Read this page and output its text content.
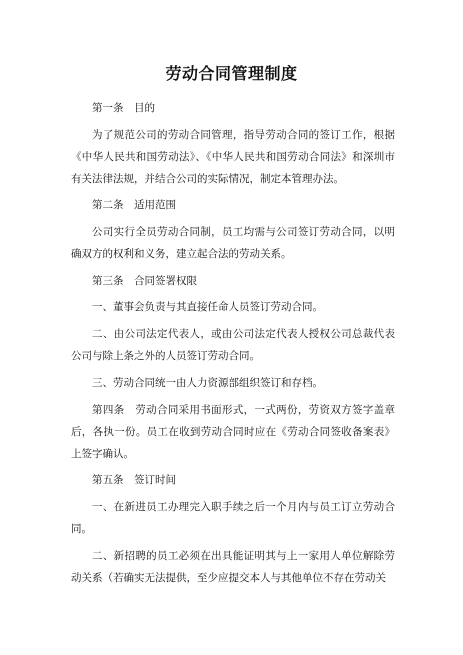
劳动合同管理制度

第一条　目的

为了规范公司的劳动合同管理，指导劳动合同的签订工作，根据《中华人民共和国劳动法》、《中华人民共和国劳动合同法》和深圳市有关法律法规，并结合公司的实际情况，制定本管理办法。

第二条　适用范围

公司实行全员劳动合同制，员工均需与公司签订劳动合同，以明确双方的权利和义务，建立起合法的劳动关系。

第三条　合同签署权限

一、董事会负责与其直接任命人员签订劳动合同。

二、由公司法定代表人，或由公司法定代表人授权公司总裁代表公司与除上条之外的人员签订劳动合同。

三、劳动合同统一由人力资源部组织签订和存档。

第四条　劳动合同采用书面形式，一式两份，劳资双方签字盖章后，各执一份。员工在收到劳动合同时应在《劳动合同签收备案表》上签字确认。

第五条　签订时间

一、在新进员工办理完入职手续之后一个月内与员工订立劳动合同。

二、新招聘的员工必须在出具能证明其与上一家用人单位解除劳动关系（若确实无法提供，至少应提交本人与其他单位不存在劳动关
